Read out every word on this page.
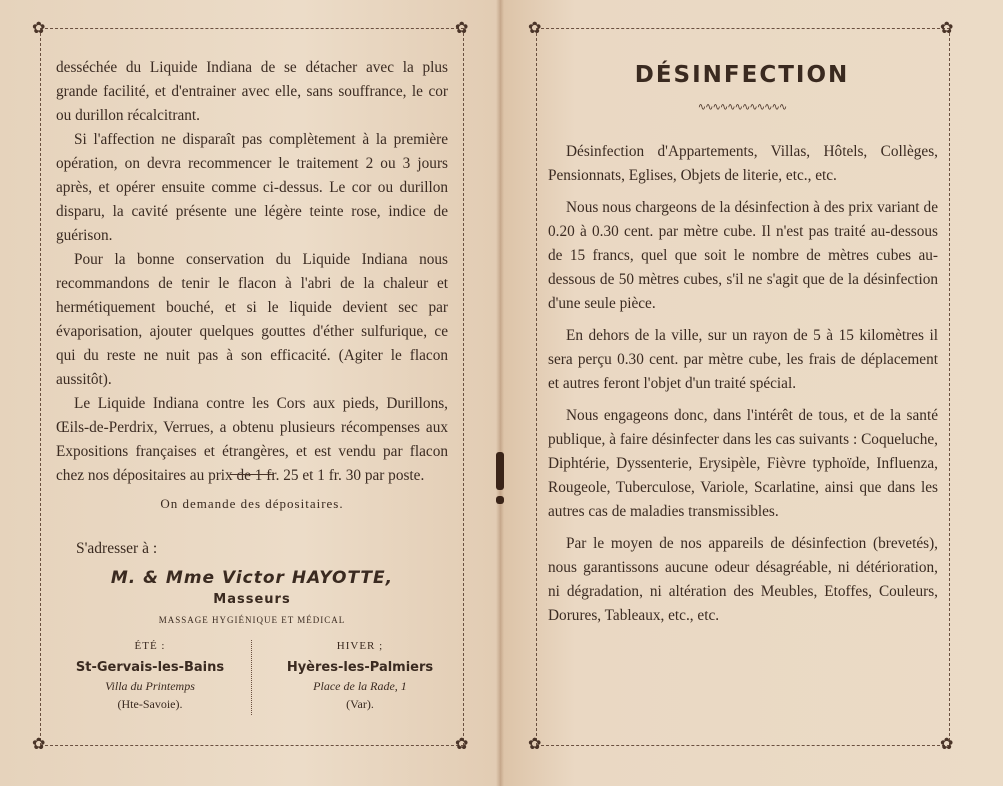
✿	✿
✿	✿
✿	✿
✿	✿

desséchée du Liquide Indiana de se détacher avec la plus grande facilité, et d'entrainer avec elle, sans souffrance, le cor ou durillon récalcitrant.

Si l'affection ne disparaît pas complètement à la première opération, on devra recommencer le traitement 2 ou 3 jours après, et opérer ensuite comme ci-dessus. Le cor ou durillon disparu, la cavité présente une légère teinte rose, indice de guérison.

Pour la bonne conservation du Liquide Indiana nous recommandons de tenir le flacon à l'abri de la chaleur et hermétiquement bouché, et si le liquide devient sec par évaporisation, ajouter quelques gouttes d'éther sulfurique, ce qui du reste ne nuit pas à son efficacité. (Agiter le flacon aussitôt).

Le Liquide Indiana contre les Cors aux pieds, Durillons, Œils-de-Perdrix, Verrues, a obtenu plusieurs récompenses aux Expositions françaises et étrangères, et est vendu par flacon chez nos dépositaires au prix de 1 fr. 25 et 1 fr. 30 par poste.

On demande des dépositaires.
S'adresser à :
M. & Mme Victor HAYOTTE,
Masseurs
MASSAGE HYGIÉNIQUE ET MÉDICAL
ÉTÉ :
St-Gervais-les-Bains
Villa du Printemps
(Hte-Savoie).
HIVER ;
Hyères-les-Palmiers
Place de la Rade, 1
(Var).
DÉSINFECTION
∿∿∿∿∿∿∿∿∿∿∿∿

Désinfection d'Appartements, Villas, Hôtels, Collèges, Pensionnats, Eglises, Objets de literie, etc., etc.

Nous nous chargeons de la désinfection à des prix variant de 0.20 à 0.30 cent. par mètre cube. Il n'est pas traité au-dessous de 15 francs, quel que soit le nombre de mètres cubes au-dessous de 50 mètres cubes, s'il ne s'agit que de la désinfection d'une seule pièce.

En dehors de la ville, sur un rayon de 5 à 15 kilomètres il sera perçu 0.30 cent. par mètre cube, les frais de déplacement et autres feront l'objet d'un traité spécial.

Nous engageons donc, dans l'intérêt de tous, et de la santé publique, à faire désinfecter dans les cas suivants : Coqueluche, Diphtérie, Dyssenterie, Erysipèle, Fièvre typhoïde, Influenza, Rougeole, Tuberculose, Variole, Scarlatine, ainsi que dans les autres cas de maladies transmissibles.

Par le moyen de nos appareils de désinfection (brevetés), nous garantissons aucune odeur désagréable, ni détérioration, ni dégradation, ni altération des Meubles, Etoffes, Couleurs, Dorures, Tableaux, etc., etc.
